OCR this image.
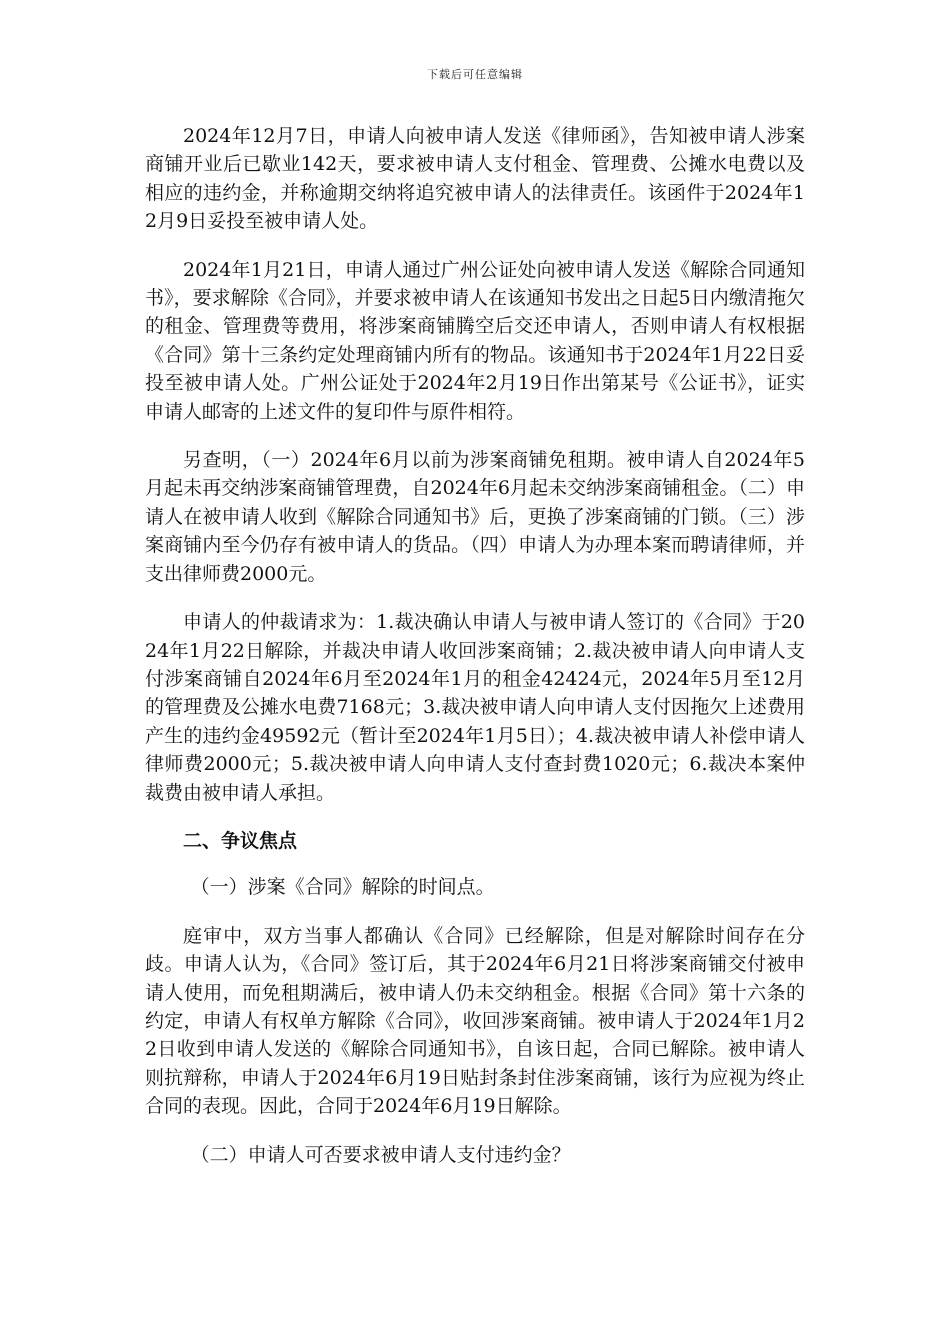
下载后可任意编辑

2024年12月7日，申请人向被申请人发送《律师函》，告知被申请人涉案商铺开业后已歇业142天，要求被申请人支付租金、管理费、公摊水电费以及相应的违约金，并称逾期交纳将追究被申请人的法律责任。该函件于2024年12月9日妥投至被申请人处。

2024年1月21日，申请人通过广州公证处向被申请人发送《解除合同通知书》，要求解除《合同》，并要求被申请人在该通知书发出之日起5日内缴清拖欠的租金、管理费等费用，将涉案商铺腾空后交还申请人，否则申请人有权根据《合同》第十三条约定处理商铺内所有的物品。该通知书于2024年1月22日妥投至被申请人处。广州公证处于2024年2月19日作出第某号《公证书》，证实申请人邮寄的上述文件的复印件与原件相符。

另查明，（一）2024年6月以前为涉案商铺免租期。被申请人自2024年5月起未再交纳涉案商铺管理费，自2024年6月起未交纳涉案商铺租金。（二）申请人在被申请人收到《解除合同通知书》后，更换了涉案商铺的门锁。（三）涉案商铺内至今仍存有被申请人的货品。（四）申请人为办理本案而聘请律师，并支出律师费2000元。

申请人的仲裁请求为：1.裁决确认申请人与被申请人签订的《合同》于2024年1月22日解除，并裁决申请人收回涉案商铺；2.裁决被申请人向申请人支付涉案商铺自2024年6月至2024年1月的租金42424元，2024年5月至12月的管理费及公摊水电费7168元；3.裁决被申请人向申请人支付因拖欠上述费用产生的违约金49592元（暂计至2024年1月5日）；4.裁决被申请人补偿申请人律师费2000元；5.裁决被申请人向申请人支付查封费1020元；6.裁决本案仲裁费由被申请人承担。

二、争议焦点

（一）涉案《合同》解除的时间点。

庭审中，双方当事人都确认《合同》已经解除，但是对解除时间存在分歧。申请人认为，《合同》签订后，其于2024年6月21日将涉案商铺交付被申请人使用，而免租期满后，被申请人仍未交纳租金。根据《合同》第十六条的约定，申请人有权单方解除《合同》，收回涉案商铺。被申请人于2024年1月22日收到申请人发送的《解除合同通知书》，自该日起，合同已解除。被申请人则抗辩称，申请人于2024年6月19日贴封条封住涉案商铺，该行为应视为终止合同的表现。因此，合同于2024年6月19日解除。

（二）申请人可否要求被申请人支付违约金？
